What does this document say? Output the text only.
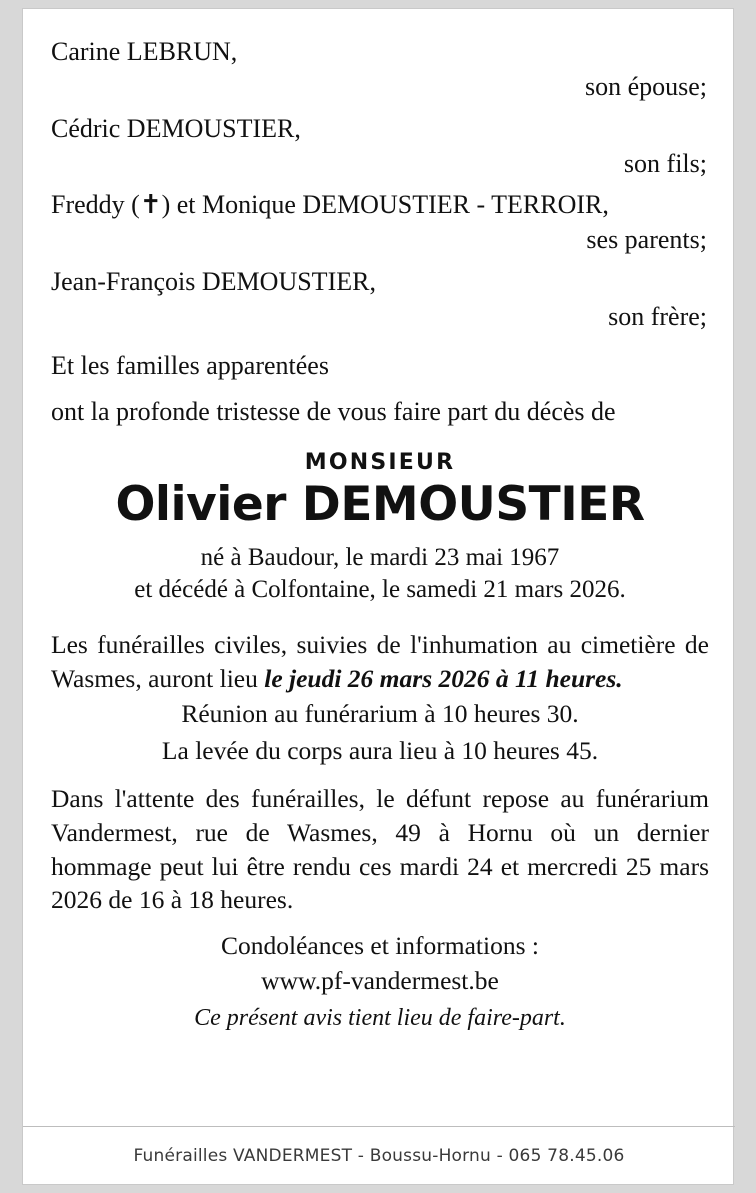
Carine LEBRUN,

son épouse;

Cédric DEMOUSTIER,

son fils;

Freddy (✝) et Monique DEMOUSTIER - TERROIR,

ses parents;

Jean-François DEMOUSTIER,

son frère;

Et les familles apparentées

ont la profonde tristesse de vous faire part du décès de

MONSIEUR

Olivier DEMOUSTIER

né à Baudour, le mardi 23 mai 1967

et décédé à Colfontaine, le samedi 21 mars 2026.

Les funérailles civiles, suivies de l'inhumation au cimetière de Wasmes, auront lieu le jeudi 26 mars 2026 à 11 heures.

Réunion au funérarium à 10 heures 30.

La levée du corps aura lieu à 10 heures 45.

Dans l'attente des funérailles, le défunt repose au funérarium Vandermest, rue de Wasmes, 49 à Hornu où un dernier hommage peut lui être rendu ces mardi 24 et mercredi 25 mars 2026 de 16 à 18 heures.

Condoléances et informations :

www.pf-vandermest.be

Ce présent avis tient lieu de faire-part.

Funérailles VANDERMEST - Boussu-Hornu - 065 78.45.06
